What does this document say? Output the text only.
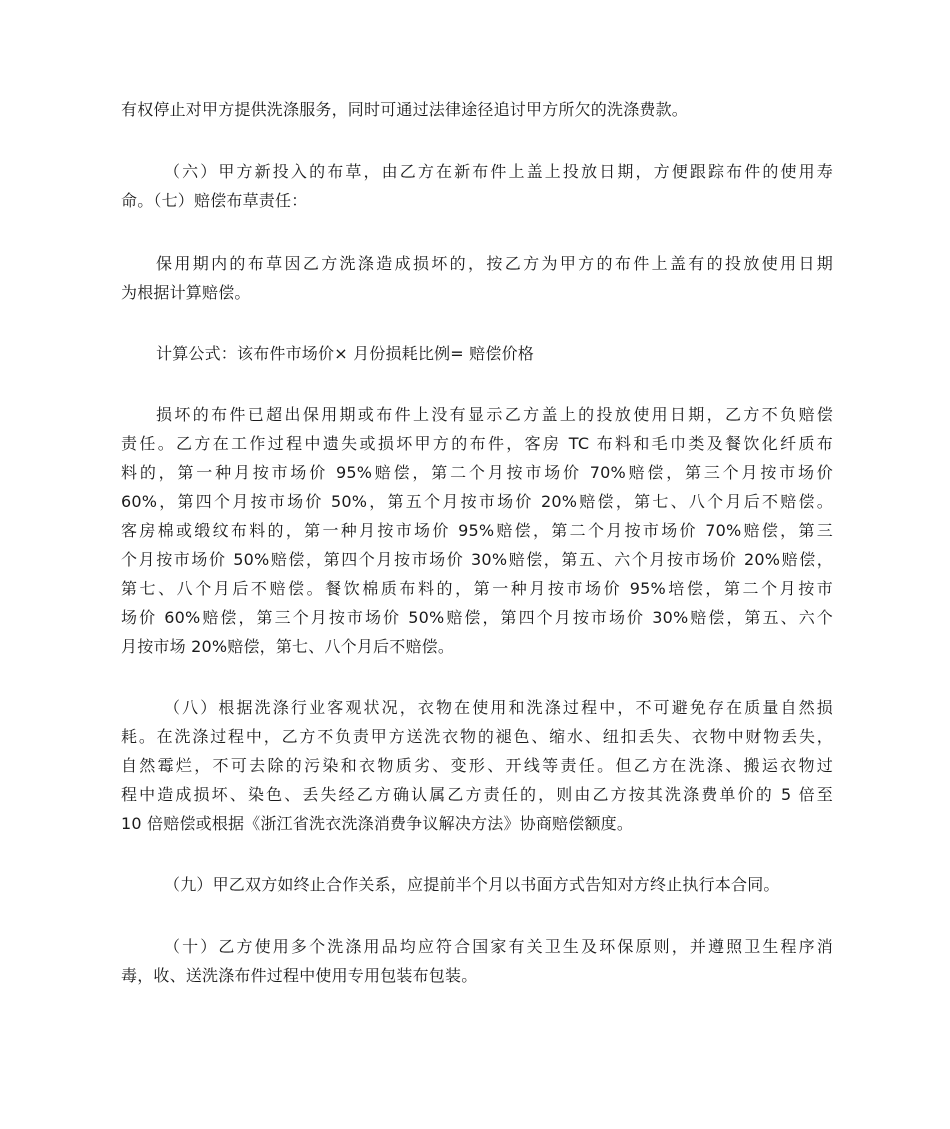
有权停止对甲方提供洗涤服务，同时可通过法律途径追讨甲方所欠的洗涤费款。
（六）甲方新投入的布草，由乙方在新布件上盖上投放日期，方便跟踪布件的使用寿
命。（七）赔偿布草责任：
保用期内的布草因乙方洗涤造成损坏的，按乙方为甲方的布件上盖有的投放使用日期
为根据计算赔偿。
计算公式：该布件市场价× 月份损耗比例= 赔偿价格
损坏的布件已超出保用期或布件上没有显示乙方盖上的投放使用日期，乙方不负赔偿
责任。乙方在工作过程中遗失或损坏甲方的布件，客房 TC 布料和毛巾类及餐饮化纤质布
料的，第一种月按市场价 95%赔偿，第二个月按市场价 70%赔偿，第三个月按市场价
60%，第四个月按市场价 50%，第五个月按市场价 20%赔偿，第七、八个月后不赔偿。
客房棉或缎纹布料的，第一种月按市场价 95%赔偿，第二个月按市场价 70%赔偿，第三
个月按市场价 50%赔偿，第四个月按市场价 30%赔偿，第五、六个月按市场价 20%赔偿，
第七、八个月后不赔偿。餐饮棉质布料的，第一种月按市场价 95%培偿，第二个月按市
场价 60%赔偿，第三个月按市场价 50%赔偿，第四个月按市场价 30%赔偿，第五、六个
月按市场 20%赔偿，第七、八个月后不赔偿。
（八）根据洗涤行业客观状况，衣物在使用和洗涤过程中，不可避免存在质量自然损
耗。在洗涤过程中，乙方不负责甲方送洗衣物的褪色、缩水、纽扣丢失、衣物中财物丢失，
自然霉烂，不可去除的污染和衣物质劣、变形、开线等责任。但乙方在洗涤、搬运衣物过
程中造成损坏、染色、丢失经乙方确认属乙方责任的，则由乙方按其洗涤费单价的 5 倍至
10 倍赔偿或根据《浙江省洗衣洗涤消费争议解决方法》协商赔偿额度。
（九）甲乙双方如终止合作关系，应提前半个月以书面方式告知对方终止执行本合同。
（十）乙方使用多个洗涤用品均应符合国家有关卫生及环保原则，并遵照卫生程序消
毒，收、送洗涤布件过程中使用专用包装布包装。
